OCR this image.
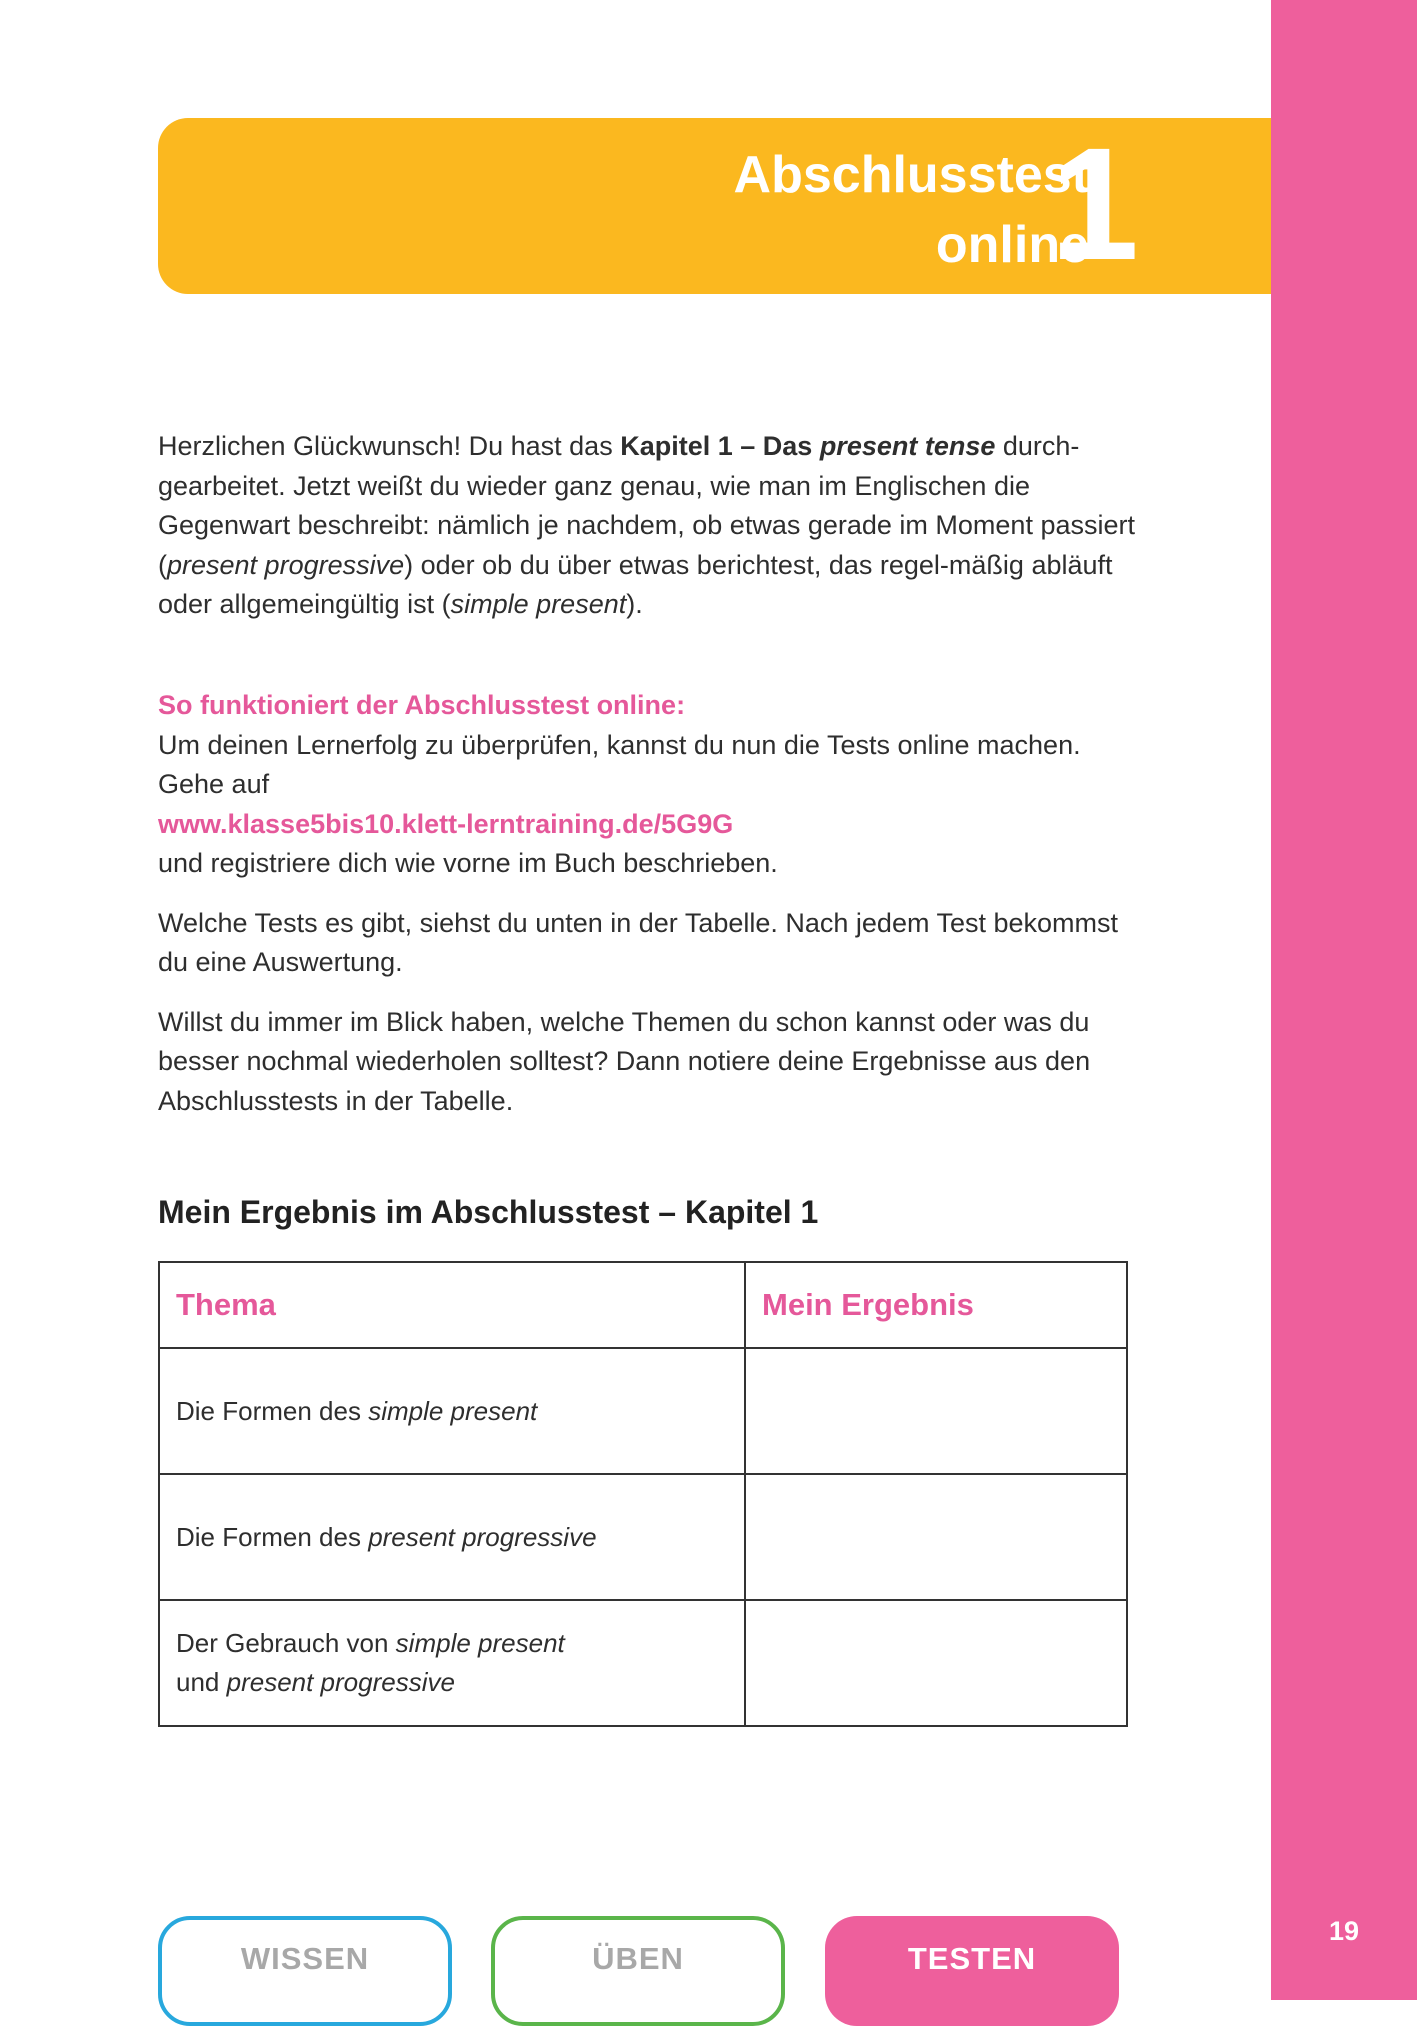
19
Abschlusstest
online
1

Herzlichen Glückwunsch! Du hast das Kapitel 1 – Das present tense durch-gearbeitet. Jetzt weißt du wieder ganz genau, wie man im Englischen die Gegenwart beschreibt: nämlich je nachdem, ob etwas gerade im Moment passiert (present progressive) oder ob du über etwas berichtest, das regel-mäßig abläuft oder allgemeingültig ist (simple present).

So funktioniert der Abschlusstest online:

Um deinen Lernerfolg zu überprüfen, kannst du nun die Tests online machen. Gehe auf

www.klasse5bis10.klett-lerntraining.de/5G9G

und registriere dich wie vorne im Buch beschrieben.

Welche Tests es gibt, siehst du unten in der Tabelle. Nach jedem Test bekommst du eine Auswertung.

Willst du immer im Blick haben, welche Themen du schon kannst oder was du besser nochmal wiederholen solltest? Dann notiere deine Ergebnisse aus den Abschlusstests in der Tabelle.

Mein Ergebnis im Abschlusstest – Kapitel 1
Thema	Mein Ergebnis
Die Formen des simple present	
Die Formen des present progressive	
Der Gebrauch von simple present
und present progressive	
WISSEN	ÜBEN	TESTEN
